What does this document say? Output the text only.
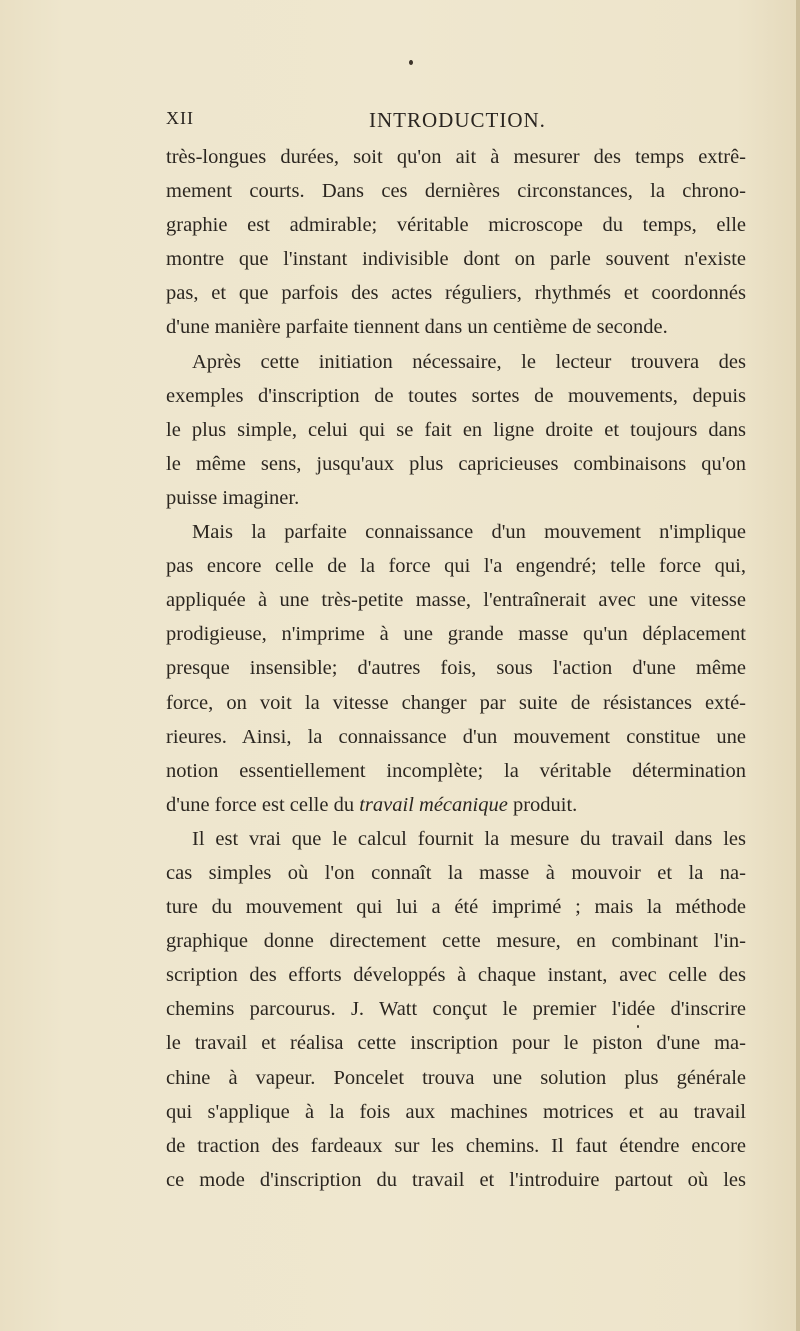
XII	INTRODUCTION.
très-longues durées, soit qu'on ait à mesurer des temps extrê-
mement courts. Dans ces dernières circonstances, la chrono-
graphie est admirable; véritable microscope du temps, elle
montre que l'instant indivisible dont on parle souvent n'existe
pas, et que parfois des actes réguliers, rhythmés et coordonnés
d'une manière parfaite tiennent dans un centième de seconde.
Après cette initiation nécessaire, le lecteur trouvera des
exemples d'inscription de toutes sortes de mouvements, depuis
le plus simple, celui qui se fait en ligne droite et toujours dans
le même sens, jusqu'aux plus capricieuses combinaisons qu'on
puisse imaginer.
Mais la parfaite connaissance d'un mouvement n'implique
pas encore celle de la force qui l'a engendré; telle force qui,
appliquée à une très-petite masse, l'entraînerait avec une vitesse
prodigieuse, n'imprime à une grande masse qu'un déplacement
presque insensible; d'autres fois, sous l'action d'une même
force, on voit la vitesse changer par suite de résistances exté-
rieures. Ainsi, la connaissance d'un mouvement constitue une
notion essentiellement incomplète; la véritable détermination
d'une force est celle du travail mécanique produit.
Il est vrai que le calcul fournit la mesure du travail dans les
cas simples où l'on connaît la masse à mouvoir et la na-
ture du mouvement qui lui a été imprimé ; mais la méthode
graphique donne directement cette mesure, en combinant l'in-
scription des efforts développés à chaque instant, avec celle des
chemins parcourus. J. Watt conçut le premier l'idée d'inscrire
le travail et réalisa cette inscription pour le piston d'une ma-
chine à vapeur. Poncelet trouva une solution plus générale
qui s'applique à la fois aux machines motrices et au travail
de traction des fardeaux sur les chemins. Il faut étendre encore
ce mode d'inscription du travail et l'introduire partout où les
